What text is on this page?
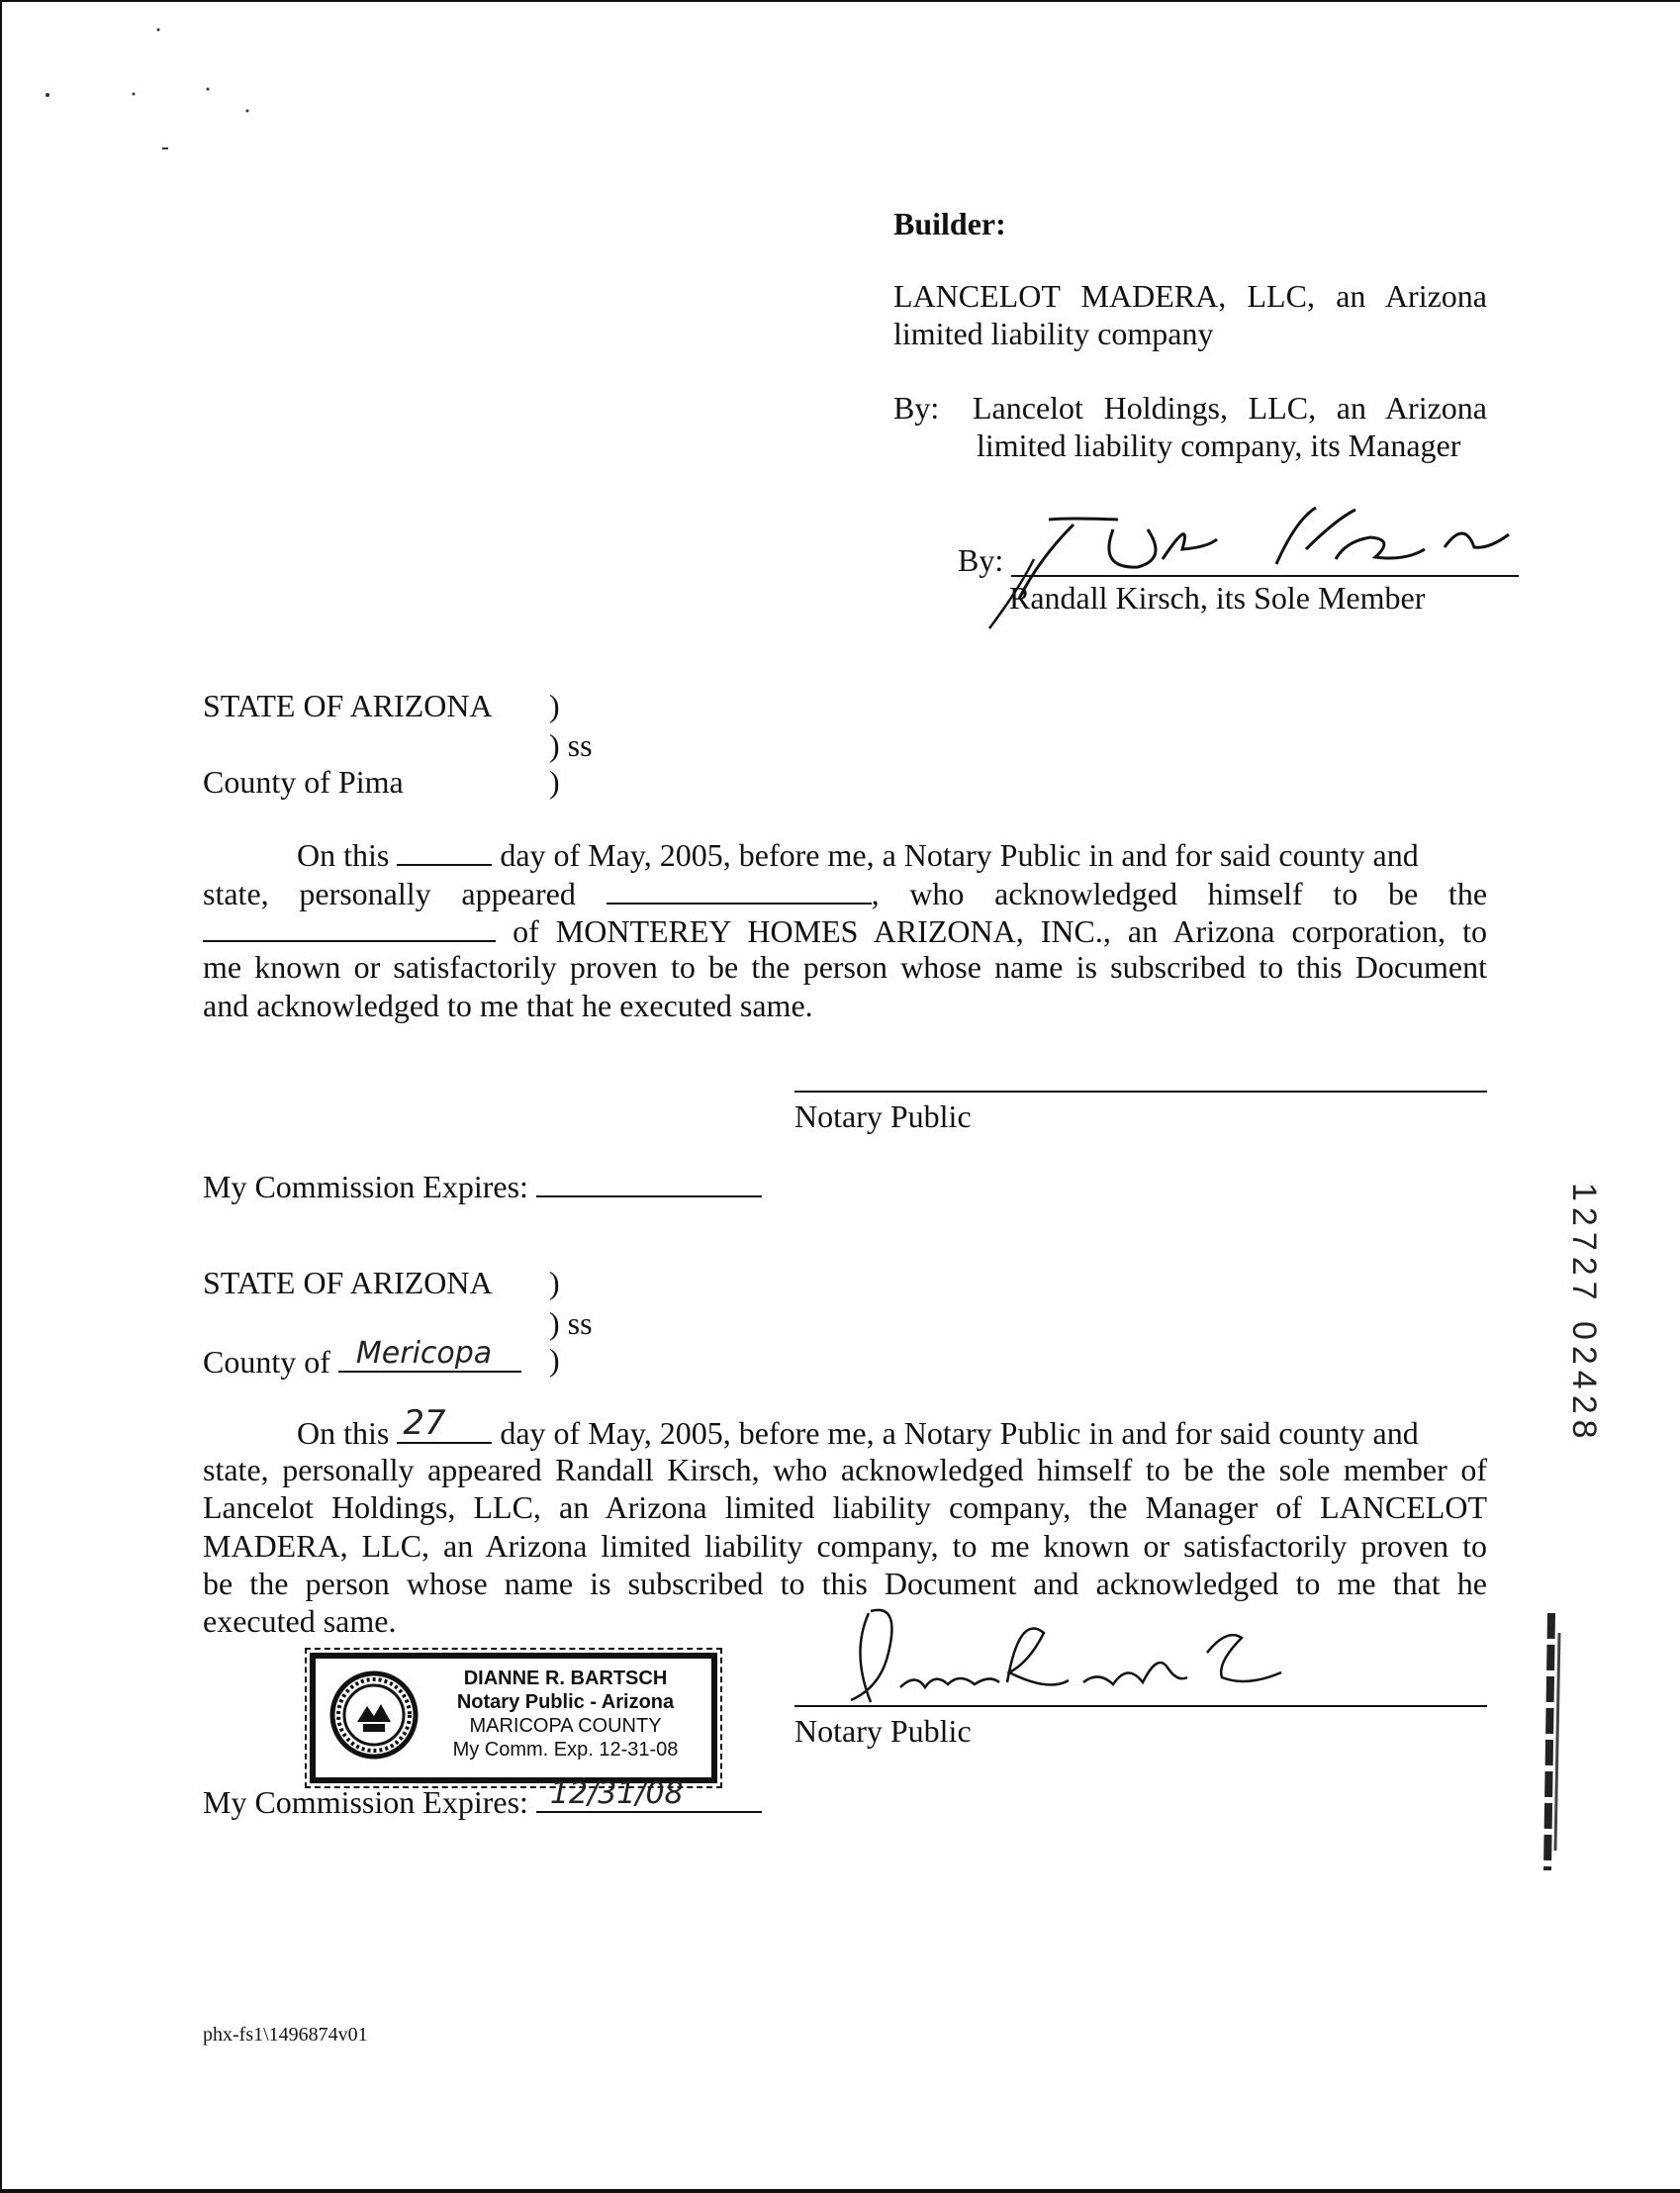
Builder:
LANCELOT MADERA, LLC, an Arizona
limited liability company
By: Lancelot Holdings, LLC, an Arizona
limited liability company, its Manager
By:
Randall Kirsch, its Sole Member
STATE OF ARIZONA )
) ss
County of Pima	)
On this	day of May, 2005, before me, a Notary Public in and for said county and
state, personally appeared	, who acknowledged himself to be the
of MONTEREY HOMES ARIZONA, INC., an Arizona corporation, to
me known or satisfactorily proven to be the person whose name is subscribed to this Document
and acknowledged to me that he executed same.
Notary Public
My Commission Expires:
STATE OF ARIZONA )
) ss
County of Mericopa )
On this 27 day of May, 2005, before me, a Notary Public in and for said county and
state, personally appeared Randall Kirsch, who acknowledged himself to be the sole member of
Lancelot Holdings, LLC, an Arizona limited liability company, the Manager of LANCELOT
MADERA, LLC, an Arizona limited liability company, to me known or satisfactorily proven to
be the person whose name is subscribed to this Document and acknowledged to me that he
executed same.
DIANNE R. BARTSCH
Notary Public - Arizona
MARICOPA COUNTY
My Comm. Exp. 12-31-08
Notary Public
My Commission Expires: 12/31/08
12727 02428
phx-fs1\1496874v01
